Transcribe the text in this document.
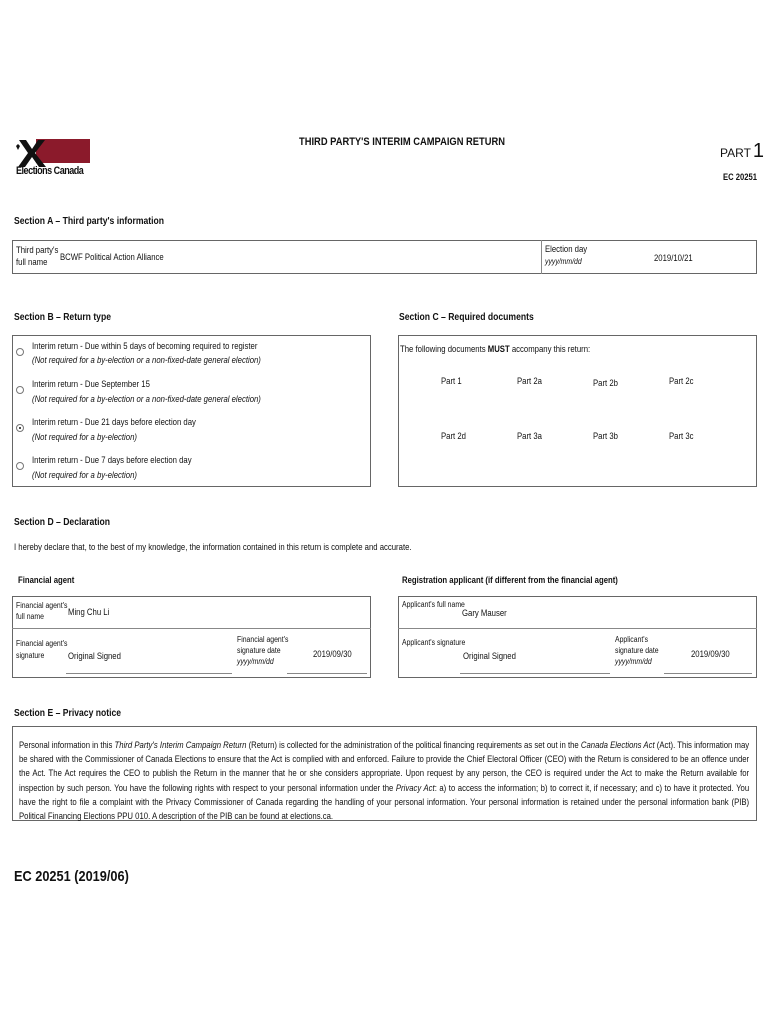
Elections Canada
THIRD PARTY'S INTERIM CAMPAIGN RETURN
PART 1
EC 20251
Section A – Third party's information
Third party's
full name	BCWF Political Action Alliance
Election day
yyyy/mm/dd	2019/10/21
Section B – Return type
Interim return - Due within 5 days of becoming required to register
(Not required for a by-election or a non-fixed-date general election)
Interim return - Due September 15
(Not required for a by-election or a non-fixed-date general election)
Interim return - Due 21 days before election day
(Not required for a by-election)
Interim return - Due 7 days before election day
(Not required for a by-election)
Section C – Required documents
The following documents MUST accompany this return:
Part 1	Part 2a	Part 2b	Part 2c
Part 2d	Part 3a	Part 3b	Part 3c
Section D – Declaration
I hereby declare that, to the best of my knowledge, the information contained in this return is complete and accurate.
Financial agent
Financial agent's
full name	Ming Chu Li
Financial agent's
signature	Original Signed
Financial agent's
signature date
yyyy/mm/dd
2019/09/30
Registration applicant (if different from the financial agent)
Applicant's full name
Gary Mauser
Applicant's signature
Original Signed
Applicant's
signature date
yyyy/mm/dd
2019/09/30
Section E – Privacy notice
Personal information in this Third Party's Interim Campaign Return (Return) is collected for the administration of the political financing requirements as set out in the Canada Elections Act (Act). This information may be shared with the Commissioner of Canada Elections to ensure that the Act is complied with and enforced. Failure to provide the Chief Electoral Officer (CEO) with the Return is considered to be an offence under the Act. The Act requires the CEO to publish the Return in the manner that he or she considers appropriate. Upon request by any person, the CEO is required under the Act to make the Return available for inspection by such person. You have the following rights with respect to your personal information under the Privacy Act: a) to access the information; b) to correct it, if necessary; and c) to have it protected. You have the right to file a complaint with the Privacy Commissioner of Canada regarding the handling of your personal information. Your personal information is retained under the personal information bank (PIB) Political Financing Elections PPU 010. A description of the PIB can be found at elections.ca.
EC 20251 (2019/06)
